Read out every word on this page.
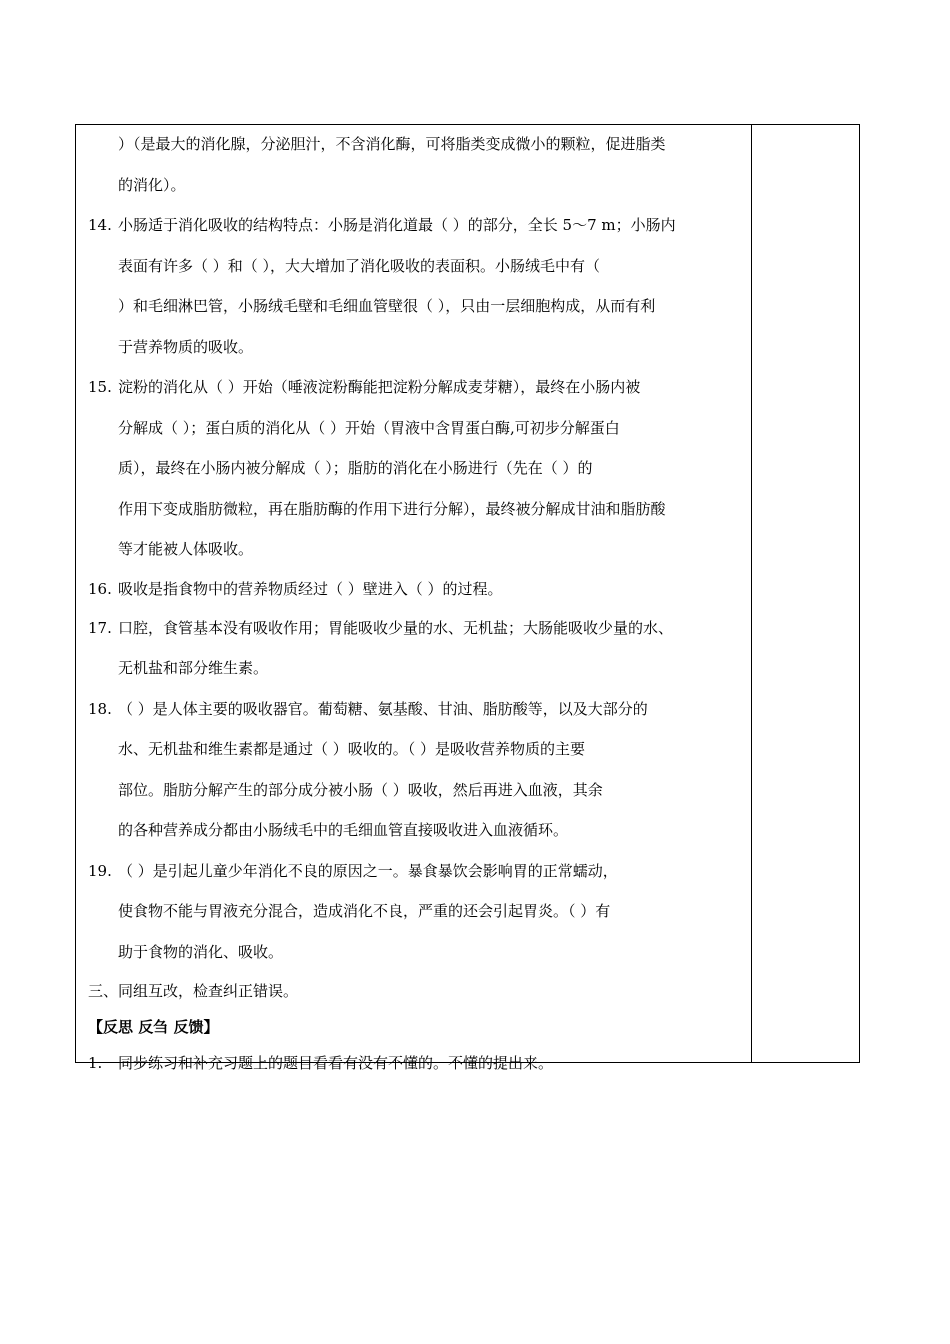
）（是最大的消化腺，分泌胆汁，不含消化酶，可将脂类变成微小的颗粒，促进脂类
的消化）。
14. 小肠适于消化吸收的结构特点：小肠是消化道最（ ）的部分，全长 5～7 m；小肠内
表面有许多（ ）和（ ），大大增加了消化吸收的表面积。小肠绒毛中有（
）和毛细淋巴管，小肠绒毛壁和毛细血管壁很（ ），只由一层细胞构成，从而有利
于营养物质的吸收。
15. 淀粉的消化从（ ）开始（唾液淀粉酶能把淀粉分解成麦芽糖），最终在小肠内被
分解成（ ）；蛋白质的消化从（ ）开始（胃液中含胃蛋白酶,可初步分解蛋白
质），最终在小肠内被分解成（ ）；脂肪的消化在小肠进行（先在（ ）的
作用下变成脂肪微粒，再在脂肪酶的作用下进行分解），最终被分解成甘油和脂肪酸
等才能被人体吸收。
16. 吸收是指食物中的营养物质经过（ ）壁进入（ ）的过程。
17. 口腔，食管基本没有吸收作用；胃能吸收少量的水、无机盐；大肠能吸收少量的水、
无机盐和部分维生素。
18. （ ）是人体主要的吸收器官。葡萄糖、氨基酸、甘油、脂肪酸等，以及大部分的
水、无机盐和维生素都是通过（ ）吸收的。（ ）是吸收营养物质的主要
部位。脂肪分解产生的部分成分被小肠（ ）吸收，然后再进入血液，其余
的各种营养成分都由小肠绒毛中的毛细血管直接吸收进入血液循环。
19. （ ）是引起儿童少年消化不良的原因之一。暴食暴饮会影响胃的正常蠕动，
使食物不能与胃液充分混合，造成消化不良，严重的还会引起胃炎。（ ）有
助于食物的消化、吸收。
三、同组互改，检查纠正错误。
【反思 反刍 反馈】
1. 同步练习和补充习题上的题目看看有没有不懂的。不懂的提出来。
